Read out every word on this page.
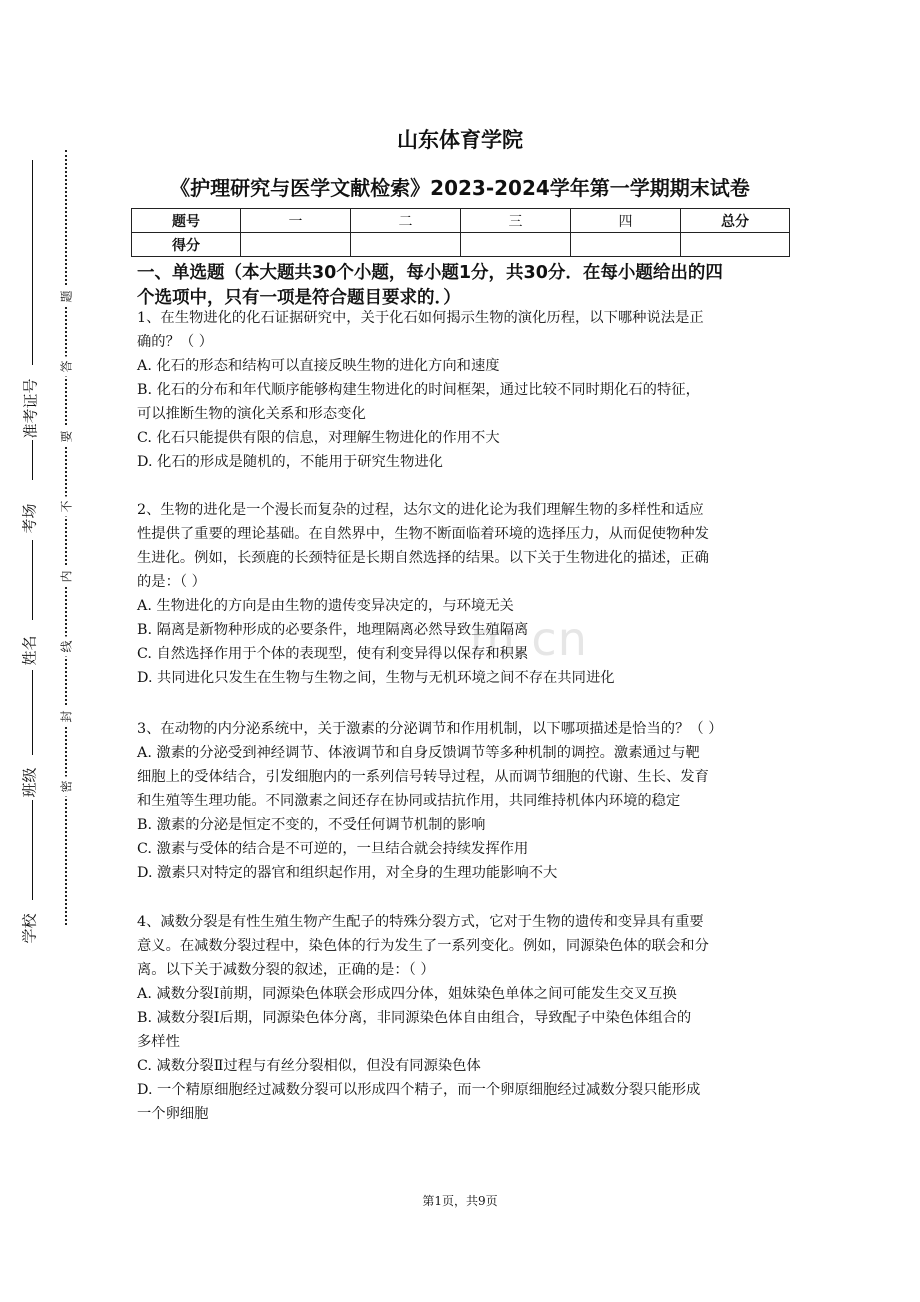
准考证号
考场
姓名
班级
学校
题
答
要
不
内
线
封
密
m.cn
山东体育学院
《护理研究与医学文献检索》2023-2024学年第一学期期末试卷
题号	一	二	三	四	总分
得分					
一、单选题（本大题共30个小题，每小题1分，共30分．在每小题给出的四
个选项中，只有一项是符合题目要求的．）

1、在生物进化的化石证据研究中，关于化石如何揭示生物的演化历程，以下哪种说法是正

确的？（ ）

A. 化石的形态和结构可以直接反映生物的进化方向和速度

B. 化石的分布和年代顺序能够构建生物进化的时间框架，通过比较不同时期化石的特征，

可以推断生物的演化关系和形态变化

C. 化石只能提供有限的信息，对理解生物进化的作用不大

D. 化石的形成是随机的，不能用于研究生物进化

2、生物的进化是一个漫长而复杂的过程，达尔文的进化论为我们理解生物的多样性和适应

性提供了重要的理论基础。在自然界中，生物不断面临着环境的选择压力，从而促使物种发

生进化。例如，长颈鹿的长颈特征是长期自然选择的结果。以下关于生物进化的描述，正确

的是：（ ）

A. 生物进化的方向是由生物的遗传变异决定的，与环境无关

B. 隔离是新物种形成的必要条件，地理隔离必然导致生殖隔离

C. 自然选择作用于个体的表现型，使有利变异得以保存和积累

D. 共同进化只发生在生物与生物之间，生物与无机环境之间不存在共同进化

3、在动物的内分泌系统中，关于激素的分泌调节和作用机制，以下哪项描述是恰当的？（ ）

A. 激素的分泌受到神经调节、体液调节和自身反馈调节等多种机制的调控。激素通过与靶

细胞上的受体结合，引发细胞内的一系列信号转导过程，从而调节细胞的代谢、生长、发育

和生殖等生理功能。不同激素之间还存在协同或拮抗作用，共同维持机体内环境的稳定

B. 激素的分泌是恒定不变的，不受任何调节机制的影响

C. 激素与受体的结合是不可逆的，一旦结合就会持续发挥作用

D. 激素只对特定的器官和组织起作用，对全身的生理功能影响不大

4、减数分裂是有性生殖生物产生配子的特殊分裂方式，它对于生物的遗传和变异具有重要

意义。在减数分裂过程中，染色体的行为发生了一系列变化。例如，同源染色体的联会和分

离。以下关于减数分裂的叙述，正确的是：（ ）

A. 减数分裂Ⅰ前期，同源染色体联会形成四分体，姐妹染色单体之间可能发生交叉互换

B. 减数分裂Ⅰ后期，同源染色体分离，非同源染色体自由组合，导致配子中染色体组合的

多样性

C. 减数分裂Ⅱ过程与有丝分裂相似，但没有同源染色体

D. 一个精原细胞经过减数分裂可以形成四个精子，而一个卵原细胞经过减数分裂只能形成

一个卵细胞

第1页，共9页
